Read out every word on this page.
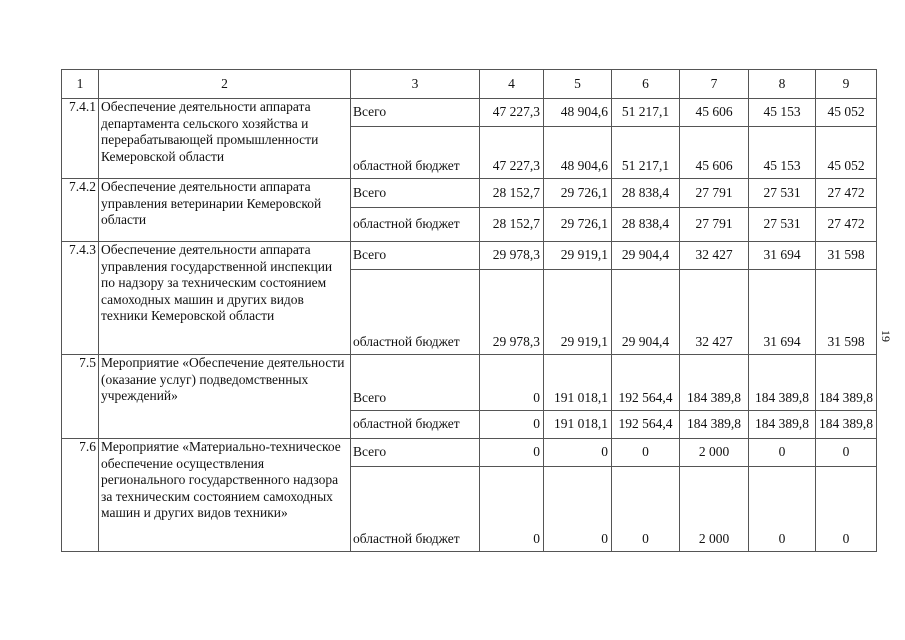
1	2	3	4	5	6	7	8	9
7.4.1	Обеспечение деятельности аппарата департамента сельского хозяйства и перерабатывающей промышленности Кемеровской области	Всего	47 227,3	48 904,6	51 217,1	45 606	45 153	45 052
		областной бюджет	47 227,3	48 904,6	51 217,1	45 606	45 153	45 052
7.4.2	Обеспечение деятельности аппарата управления ветеринарии Кемеровской области	Всего	28 152,7	29 726,1	28 838,4	27 791	27 531	27 472
		областной бюджет	28 152,7	29 726,1	28 838,4	27 791	27 531	27 472
7.4.3	Обеспечение деятельности аппарата управления государственной инспекции по надзору за техническим состоянием самоходных машин и других видов техники Кемеровской области	Всего	29 978,3	29 919,1	29 904,4	32 427	31 694	31 598
		областной бюджет	29 978,3	29 919,1	29 904,4	32 427	31 694	31 598
7.5	Мероприятие «Обеспечение деятельности (оказание услуг) подведомственных учреждений»	Всего	0	191 018,1	192 564,4	184 389,8	184 389,8	184 389,8
		областной бюджет	0	191 018,1	192 564,4	184 389,8	184 389,8	184 389,8
7.6	Мероприятие «Материально-техническое обеспечение осуществления регионального государственного надзора за техническим состоянием самоходных машин и других видов техники»	Всего	0	0	0	2 000	0	0
		областной бюджет	0	0	0	2 000	0	0
19
